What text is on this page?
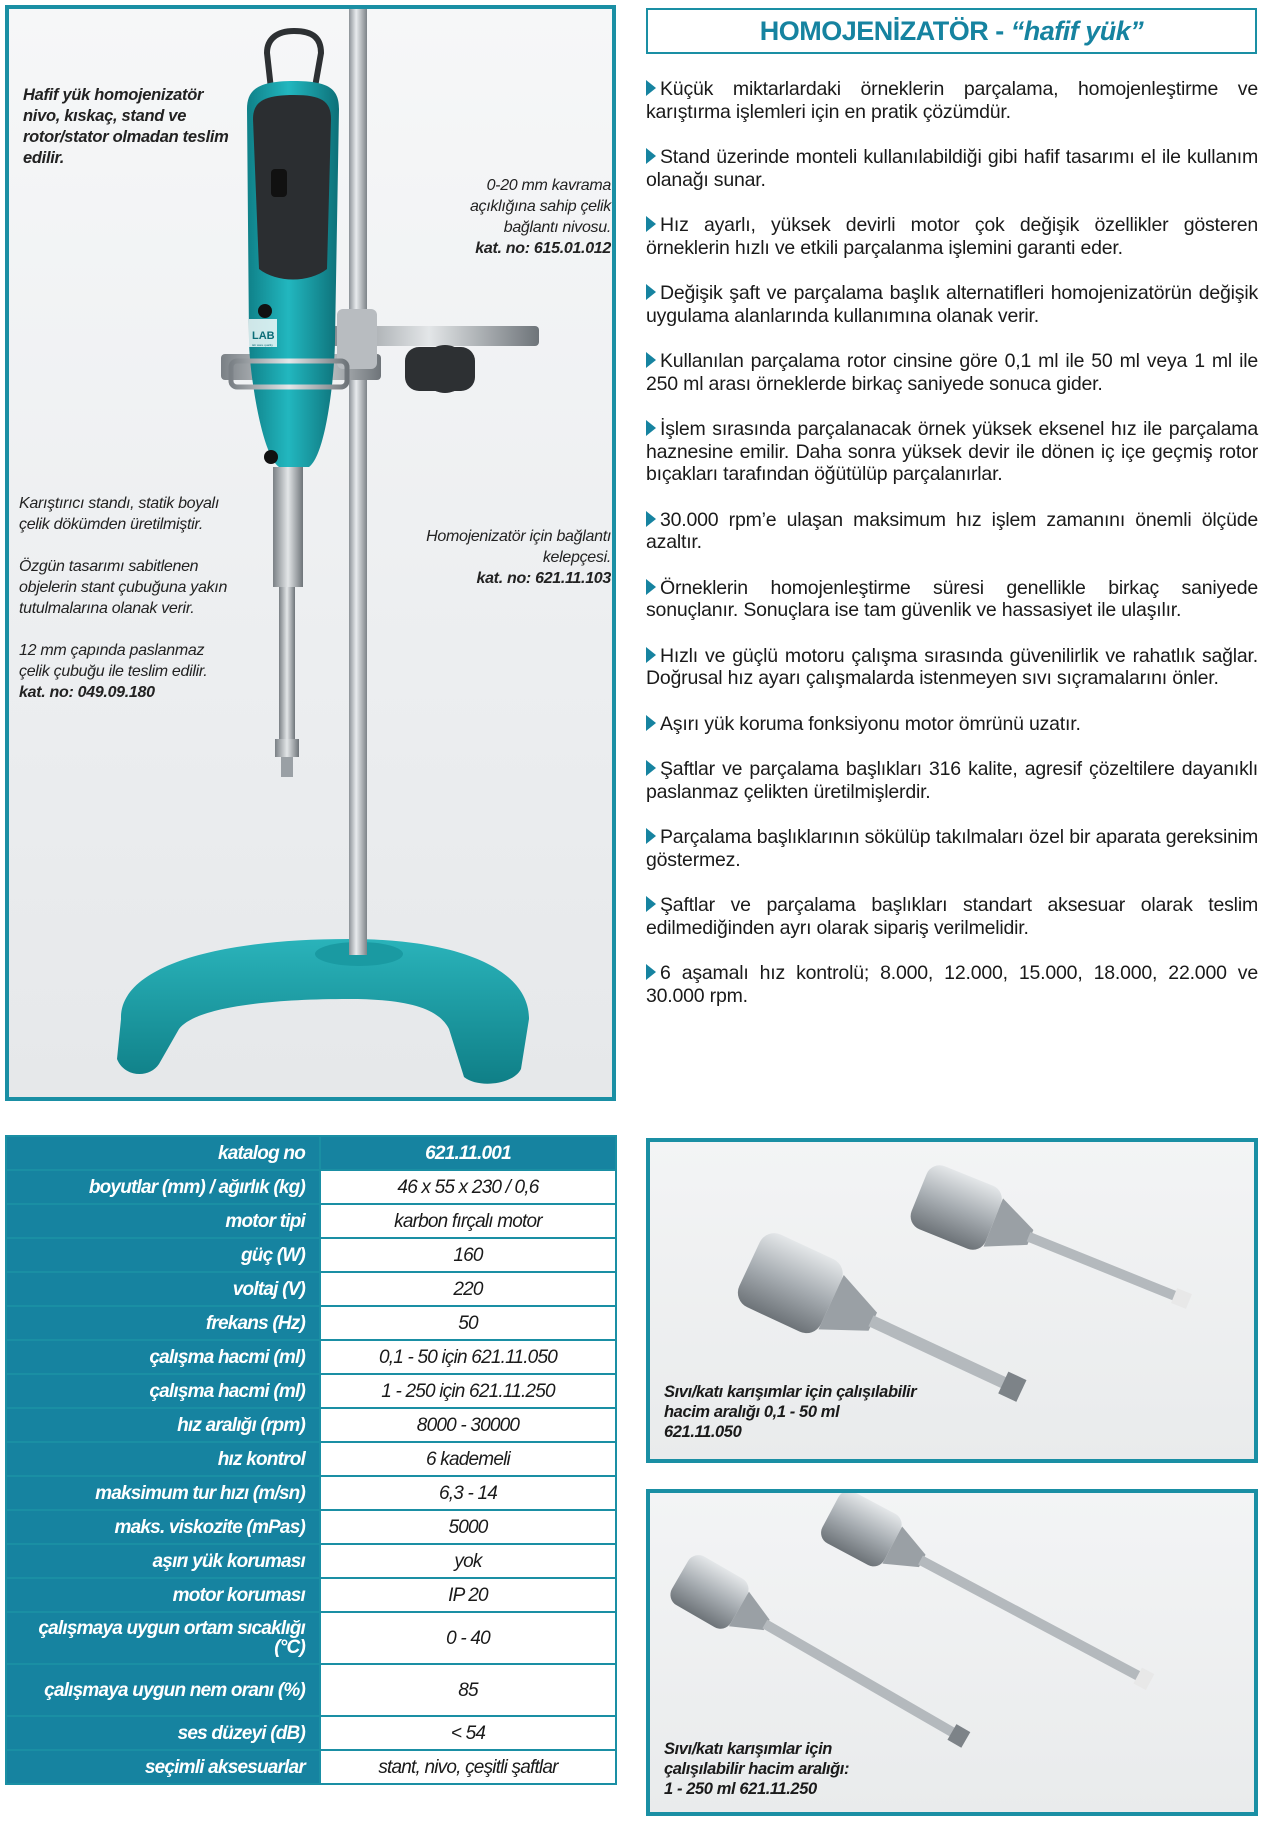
LAB
lab ware quality
Hafif yük homojenizatör nivo, kıskaç, stand ve rotor/stator olmadan teslim edilir.
0-20 mm kavrama
açıklığına sahip çelik
bağlantı nivosu.
kat. no: 615.01.012
Karıştırıcı standı, statik boyalı
çelik dökümden üretilmiştir.
Özgün tasarımı sabitlenen
objelerin stant çubuğuna yakın
tutulmalarına olanak verir.
12 mm çapında paslanmaz
çelik çubuğu ile teslim edilir.
kat. no: 049.09.180
Homojenizatör için bağlantı
kelepçesi.
kat. no: 621.11.103
HOMOJENİZATÖR - “hafif yük”
Küçük miktarlardaki örneklerin parçalama, homojenleştirme ve karıştırma işlemleri için en pratik çözümdür.
Stand üzerinde monteli kullanılabildiği gibi hafif tasarımı el ile kullanım olanağı sunar.
Hız ayarlı, yüksek devirli motor çok değişik özellikler gösteren örneklerin hızlı ve etkili parçalanma işlemini garanti eder.
Değişik şaft ve parçalama başlık alternatifleri homojenizatörün değişik uygulama alanlarında kullanımına olanak verir.
Kullanılan parçalama rotor cinsine göre 0,1 ml ile 50 ml veya 1 ml ile 250 ml arası örneklerde birkaç saniyede sonuca gider.
İşlem sırasında parçalanacak örnek yüksek eksenel hız ile parçalama haznesine emilir. Daha sonra yüksek devir ile dönen iç içe geçmiş rotor bıçakları tarafından öğütülüp parçalanırlar.
30.000 rpm’e ulaşan maksimum hız işlem zamanını önemli ölçüde azaltır.
Örneklerin homojenleştirme süresi genellikle birkaç saniyede sonuçlanır. Sonuçlara ise tam güvenlik ve hassasiyet ile ulaşılır.
Hızlı ve güçlü motoru çalışma sırasında güvenilirlik ve rahatlık sağlar. Doğrusal hız ayarı çalışmalarda istenmeyen sıvı sıçramalarını önler.
Aşırı yük koruma fonksiyonu motor ömrünü uzatır.
Şaftlar ve parçalama başlıkları 316 kalite, agresif çözeltilere dayanıklı paslanmaz çelikten üretilmişlerdir.
Parçalama başlıklarının sökülüp takılmaları özel bir aparata gereksinim göstermez.
Şaftlar ve parçalama başlıkları standart aksesuar olarak teslim edilmediğinden ayrı olarak sipariş verilmelidir.
6 aşamalı hız kontrolü; 8.000, 12.000, 15.000, 18.000, 22.000 ve 30.000 rpm.
katalog no	621.11.001
boyutlar (mm) / ağırlık (kg)	46 x 55 x 230 / 0,6
motor tipi	karbon fırçalı motor
güç (W)	160
voltaj (V)	220
frekans (Hz)	50
çalışma hacmi (ml)	0,1 - 50 için 621.11.050
çalışma hacmi (ml)	1 - 250 için 621.11.250
hız aralığı (rpm)	8000 - 30000
hız kontrol	6 kademeli
maksimum tur hızı (m/sn)	6,3 - 14
maks. viskozite (mPas)	5000
aşırı yük koruması	yok
motor koruması	IP 20
çalışmaya uygun ortam sıcaklığı (°C)	0 - 40
çalışmaya uygun nem oranı (%)	85
ses düzeyi (dB)	< 54
seçimli aksesuarlar	stant, nivo, çeşitli şaftlar
Sıvı/katı karışımlar için çalışılabilir
hacim aralığı 0,1 - 50 ml
621.11.050
Sıvı/katı karışımlar için
çalışılabilir hacim aralığı:
1 - 250 ml 621.11.250
